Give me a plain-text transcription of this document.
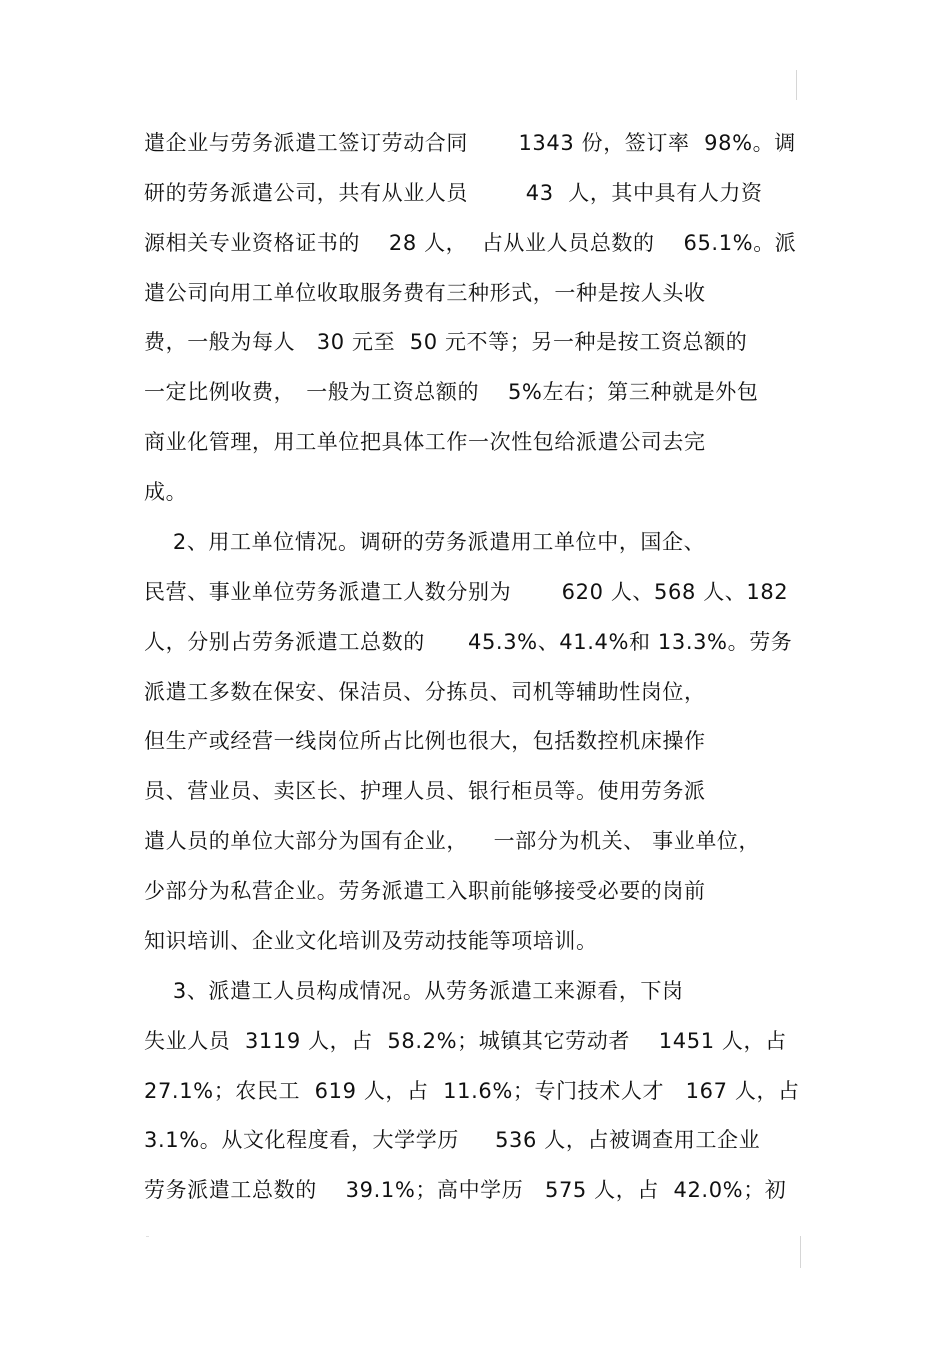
遣企业与劳务派遣工签订劳动合同　　 1343 份，签订率  98%。调
研的劳务派遣公司，共有从业人员　　  43  人，其中具有人力资
源相关专业资格证书的　 28 人，  占从业人员总数的　 65.1%。派
遣公司向用工单位收取服务费有三种形式，一种是按人头收
费，一般为每人　30 元至  50 元不等；另一种是按工资总额的
一定比例收费，　一般为工资总额的　 5%左右；第三种就是外包
商业化管理，用工单位把具体工作一次性包给派遣公司去完
成。
　 2、用工单位情况。调研的劳务派遣用工单位中，国企、
民营、事业单位劳务派遣工人数分别为　　 620 人、568 人、182
人，分别占劳务派遣工总数的　　45.3%、41.4%和 13.3%。劳务
派遣工多数在保安、保洁员、分拣员、司机等辅助性岗位，
但生产或经营一线岗位所占比例也很大，包括数控机床操作
员、营业员、卖区长、护理人员、银行柜员等。使用劳务派
遣人员的单位大部分为国有企业，　  一部分为机关、 事业单位，
少部分为私营企业。劳务派遣工入职前能够接受必要的岗前
知识培训、企业文化培训及劳动技能等项培训。
　 3、派遣工人员构成情况。从劳务派遣工来源看，下岗
失业人员  3119 人，占  58.2%；城镇其它劳动者　 1451 人，占
27.1%；农民工  619 人，占  11.6%；专门技术人才　167 人，占
3.1%。从文化程度看，大学学历　  536 人，占被调查用工企业
劳务派遣工总数的　 39.1%；高中学历　575 人，占  42.0%；初
